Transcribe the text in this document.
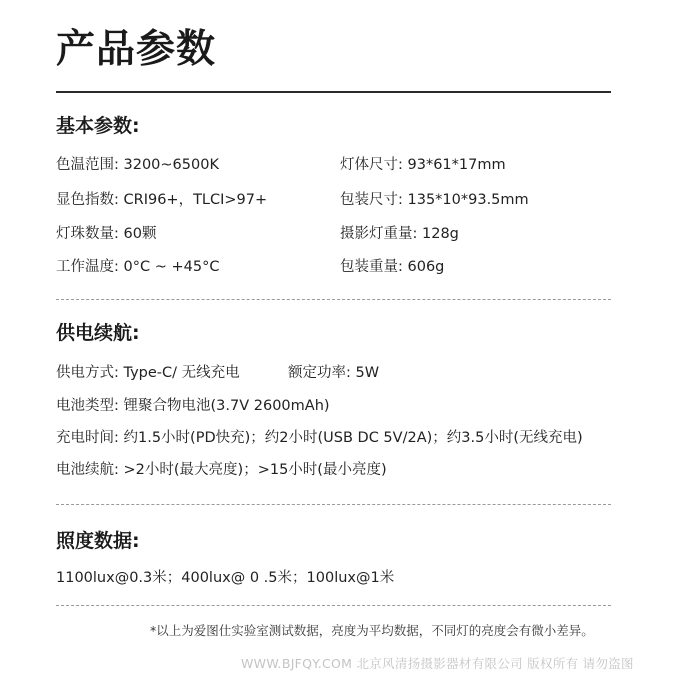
产品参数
基本参数:
色温范围: 3200~6500K
显色指数: CRI96+，TLCI>97+
灯珠数量: 60颗
工作温度: 0°C ~ +45°C
灯体尺寸: 93*61*17mm
包装尺寸: 135*10*93.5mm
摄影灯重量: 128g
包装重量: 606g
供电续航:
供电方式: Type-C/ 无线充电	额定功率: 5W
电池类型: 锂聚合物电池(3.7V 2600mAh)
充电时间: 约1.5小时(PD快充)；约2小时(USB DC 5V/2A)；约3.5小时(无线充电)
电池续航: >2小时(最大亮度)；>15小时(最小亮度)
照度数据:
1100lux@0.3米；400lux@ 0 .5米；100lux@1米
*以上为爱图仕实验室测试数据，亮度为平均数据，不同灯的亮度会有微小差异。
WWW.BJFQY.COM 北京风清扬摄影器材有限公司 版权所有 请勿盗图
